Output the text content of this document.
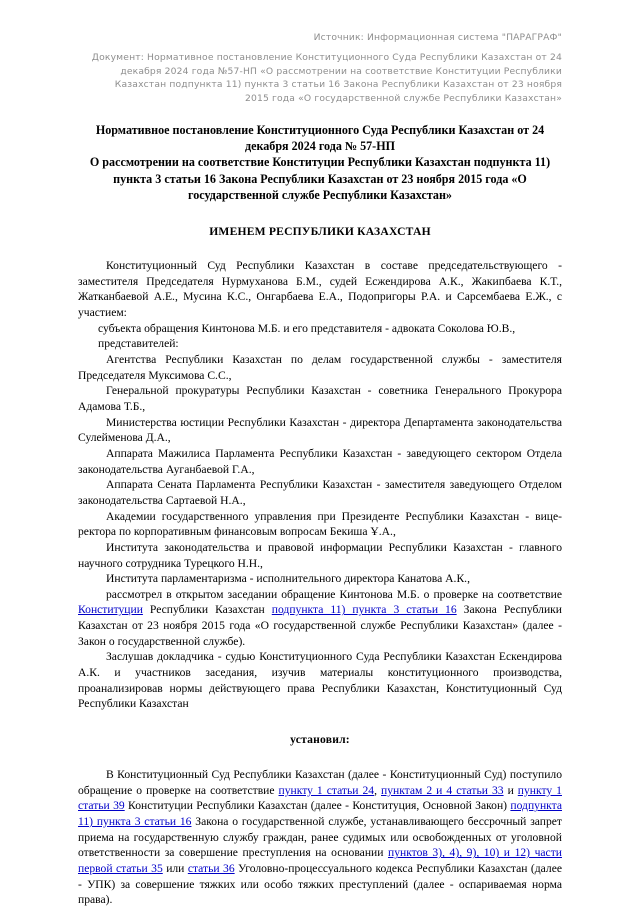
Источник: Информационная система "ПАРАГРАФ"
Документ: Нормативное постановление Конституционного Суда Республики Казахстан от 24 декабря 2024 года №57-НП «О рассмотрении на соответствие Конституции Республики Казахстан подпункта 11) пункта 3 статьи 16 Закона Республики Казахстан от 23 ноября 2015 года «О государственной службе Республики Казахстан»
Нормативное постановление Конституционного Суда Республики Казахстан от 24
декабря 2024 года № 57-НП
О рассмотрении на соответствие Конституции Республики Казахстан подпункта 11)
пункта 3 статьи 16 Закона Республики Казахстан от 23 ноября 2015 года «О
государственной службе Республики Казахстан»
ИМЕНЕМ РЕСПУБЛИКИ КАЗАХСТАН

Конституционный Суд Республики Казахстан в составе председательствующего - заместителя Председателя Нурмуханова Б.М., судей Есжендирова А.К., Жакипбаева К.Т., Жатканбаевой А.Е., Мусина К.С., Онгарбаева Е.А., Подопригоры Р.А. и Сарсембаева Е.Ж., с участием:

субъекта обращения Кинтонова М.Б. и его представителя - адвоката Соколова Ю.В.,

представителей:

Агентства Республики Казахстан по делам государственной службы - заместителя Председателя Муксимова С.С.,

Генеральной прокуратуры Республики Казахстан - советника Генерального Прокурора Адамова Т.Б.,

Министерства юстиции Республики Казахстан - директора Департамента законодательства Сулейменова Д.А.,

Аппарата Мажилиса Парламента Республики Казахстан - заведующего сектором Отдела законодательства Ауганбаевой Г.А.,

Аппарата Сената Парламента Республики Казахстан - заместителя заведующего Отделом законодательства Сартаевой Н.А.,

Академии государственного управления при Президенте Республики Казахстан - вице-ректора по корпоративным финансовым вопросам Бекиша Ұ.А.,

Института законодательства и правовой информации Республики Казахстан - главного научного сотрудника Турецкого Н.Н.,

Института парламентаризма - исполнительного директора Канатова А.К.,

рассмотрел в открытом заседании обращение Кинтонова М.Б. о проверке на соответствие Конституции Республики Казахстан подпункта 11) пункта 3 статьи 16 Закона Республики Казахстан от 23 ноября 2015 года «О государственной службе Республики Казахстан» (далее - Закон о государственной службе).

Заслушав докладчика - судью Конституционного Суда Республики Казахстан Ескендирова А.К. и участников заседания, изучив материалы конституционного производства, проанализировав нормы действующего права Республики Казахстан, Конституционный Суд Республики Казахстан

установил:

В Конституционный Суд Республики Казахстан (далее - Конституционный Суд) поступило обращение о проверке на соответствие пункту 1 статьи 24, пунктам 2 и 4 статьи 33 и пункту 1 статьи 39 Конституции Республики Казахстан (далее - Конституция, Основной Закон) подпункта 11) пункта 3 статьи 16 Закона о государственной службе, устанавливающего бессрочный запрет приема на государственную службу граждан, ранее судимых или освобожденных от уголовной ответственности за совершение преступления на основании пунктов 3), 4), 9), 10) и 12) части первой статьи 35 или статьи 36 Уголовно-процессуального кодекса Республики Казахстан (далее - УПК) за совершение тяжких или особо тяжких преступлений (далее - оспариваемая норма права).
